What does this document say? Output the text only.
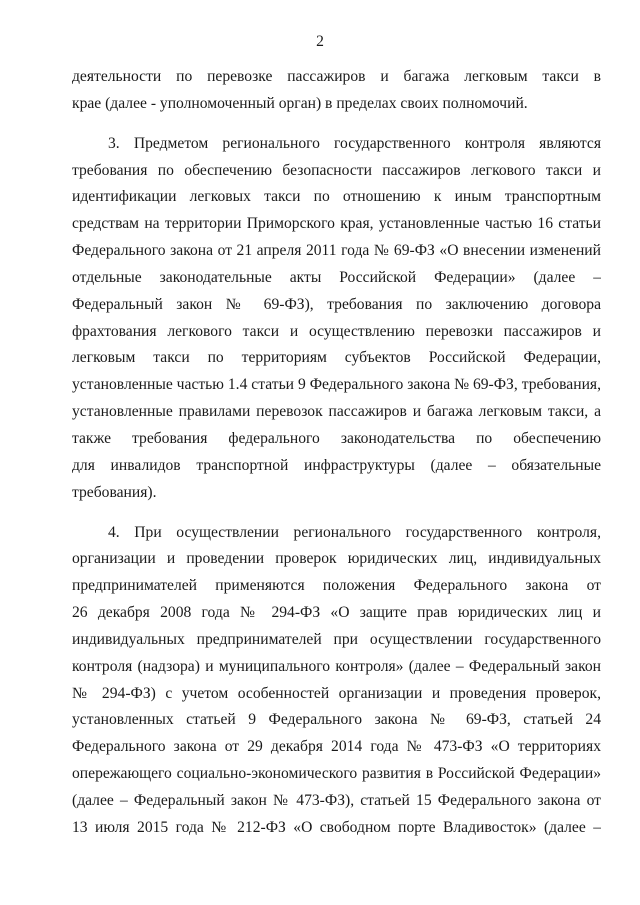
2
деятельности по перевозке пассажиров и багажа легковым такси в
крае (далее - уполномоченный орган) в пределах своих полномочий.
3. Предметом регионального государственного контроля являются
требования по обеспечению безопасности пассажиров легкового такси и
идентификации легковых такси по отношению к иным транспортным
средствам на территории Приморского края, установленные частью 16 статьи
Федерального закона от 21 апреля 2011 года № 69-ФЗ «О внесении изменений
отдельные законодательные акты Российской Федерации» (далее –
Федеральный закон № 69-ФЗ), требования по заключению договора
фрахтования легкового такси и осуществлению перевозки пассажиров и
легковым такси по территориям субъектов Российской Федерации,
установленные частью 1.4 статьи 9 Федерального закона № 69-ФЗ, требования,
установленные правилами перевозок пассажиров и багажа легковым такси, а
также требования федерального законодательства по обеспечению
для инвалидов транспортной инфраструктуры (далее – обязательные
требования).
4. При осуществлении регионального государственного контроля,
организации и проведении проверок юридических лиц, индивидуальных
предпринимателей применяются положения Федерального закона от
26 декабря 2008 года № 294-ФЗ «О защите прав юридических лиц и
индивидуальных предпринимателей при осуществлении государственного
контроля (надзора) и муниципального контроля» (далее – Федеральный закон
№ 294-ФЗ) с учетом особенностей организации и проведения проверок,
установленных статьей 9 Федерального закона № 69-ФЗ, статьей 24
Федерального закона от 29 декабря 2014 года № 473-ФЗ «О территориях
опережающего социально-экономического развития в Российской Федерации»
(далее – Федеральный закон № 473-ФЗ), статьей 15 Федерального закона от
13 июля 2015 года № 212-ФЗ «О свободном порте Владивосток» (далее –
